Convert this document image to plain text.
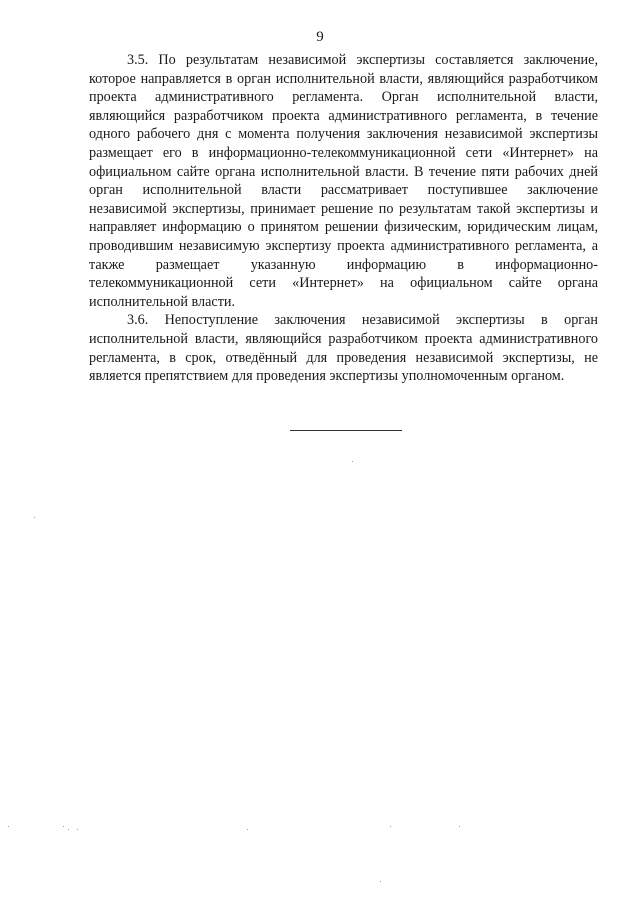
9

3.5. По результатам независимой экспертизы составляется заключение, которое направляется в орган исполнительной власти, являющийся разработчиком проекта административного регламента. Орган исполнительной власти, являющийся разработчиком проекта административного регламента, в течение одного рабочего дня с момента получения заключения независимой экспертизы размещает его в информационно-телекоммуникационной сети «Интернет» на официальном сайте органа исполнительной власти. В течение пяти рабочих дней орган исполнительной власти рассматривает поступившее заключение независимой экспертизы, принимает решение по результатам такой экспертизы и направляет информацию о принятом решении физическим, юридическим лицам, проводившим независимую экспертизу проекта административного регламента, а также размещает указанную информацию в информационно-телекоммуникационной сети «Интернет» на официальном сайте органа исполнительной власти.

3.6. Непоступление заключения независимой экспертизы в орган исполнительной власти, являющийся разработчиком проекта административного регламента, в срок, отведённый для проведения независимой экспертизы, не является препятствием для проведения экспертизы уполномоченным органом.
